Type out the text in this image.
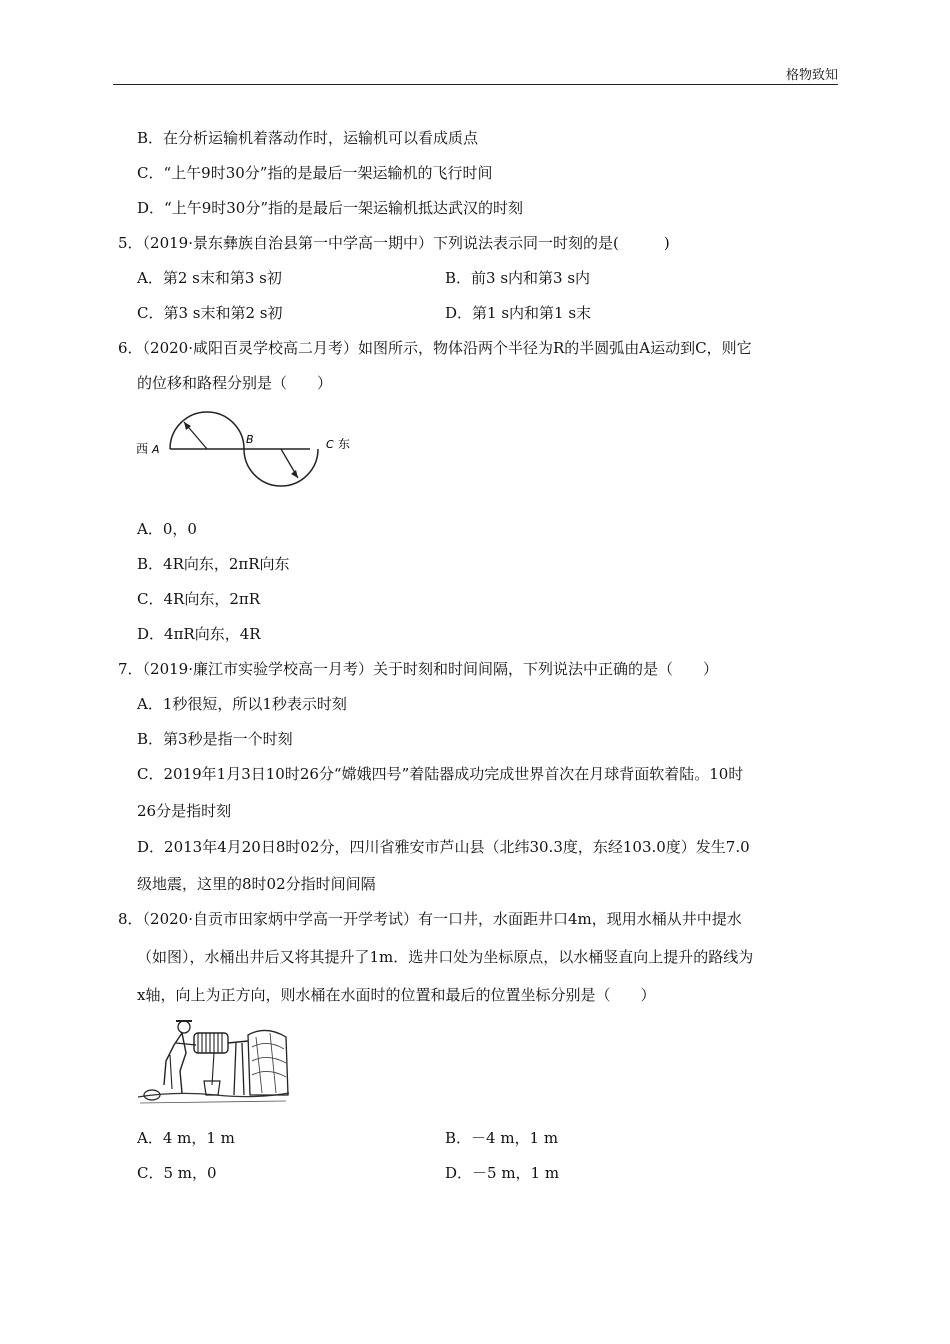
格物致知
B．在分析运输机着落动作时，运输机可以看成质点
C．“上午9时30分”指的是最后一架运输机的飞行时间
D．“上午9时30分”指的是最后一架运输机抵达武汉的时刻
5．（2019·景东彝族自治县第一中学高一期中）下列说法表示同一时刻的是(　　　)
A．第2 s末和第3 s初	B．前3 s内和第3 s内
C．第3 s末和第2 s初	D．第1 s内和第1 s末
6．（2020·咸阳百灵学校高二月考）如图所示，物体沿两个半径为R的半圆弧由A运动到C，则它
的位移和路程分别是（　　）
西 A
B	C 东
A．0，0
B．4R向东，2πR向东
C．4R向东，2πR
D．4πR向东，4R
7．（2019·廉江市实验学校高一月考）关于时刻和时间间隔，下列说法中正确的是（　　）
A．1秒很短，所以1秒表示时刻
B．第3秒是指一个时刻
C．2019年1月3日10时26分“嫦娥四号”着陆器成功完成世界首次在月球背面软着陆。10时
26分是指时刻
D．2013年4月20日8时02分，四川省雅安市芦山县（北纬30.3度，东经103.0度）发生7.0
级地震，这里的8时02分指时间间隔
8．（2020·自贡市田家炳中学高一开学考试）有一口井，水面距井口4m，现用水桶从井中提水
（如图），水桶出井后又将其提升了1m．选井口处为坐标原点，以水桶竖直向上提升的路线为
x轴，向上为正方向，则水桶在水面时的位置和最后的位置坐标分别是（　　）
A．4 m，1 m	B．－4 m，1 m
C．5 m，0	D．－5 m，1 m
